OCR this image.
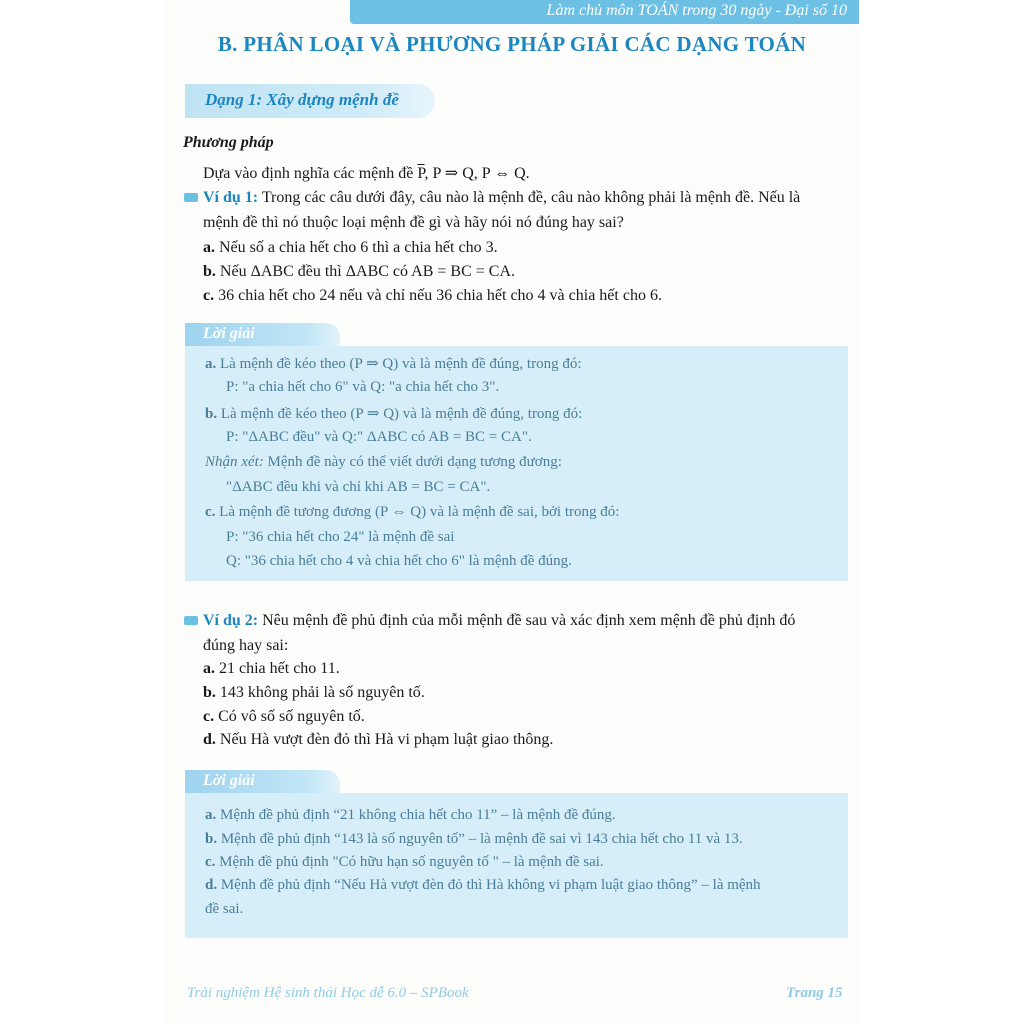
Làm chủ môn TOÁN trong 30 ngày - Đại số 10
B. PHÂN LOẠI VÀ PHƯƠNG PHÁP GIẢI CÁC DẠNG TOÁN
Dạng 1: Xây dựng mệnh đề
Phương pháp
Dựa vào định nghĩa các mệnh đề $\overline{P}$, P ⇒ Q, P ⇔ Q.
Ví dụ 1: Trong các câu dưới đây, câu nào là mệnh đề, câu nào không phải là mệnh đề. Nếu là
mệnh đề thì nó thuộc loại mệnh đề gì và hãy nói nó đúng hay sai?
a. Nếu số a chia hết cho 6 thì a chia hết cho 3.
b. Nếu ΔABC đều thì ΔABC có AB = BC = CA.
c. 36 chia hết cho 24 nếu và chỉ nếu 36 chia hết cho 4 và chia hết cho 6.
Lời giải
a. Là mệnh đề kéo theo (P ⇒ Q) và là mệnh đề đúng, trong đó:
P: "a chia hết cho 6" và Q: "a chia hết cho 3".
b. Là mệnh đề kéo theo (P ⇒ Q) và là mệnh đề đúng, trong đó:
P: "ΔABC đều" và Q:" ΔABC có AB = BC = CA".
Nhận xét: Mệnh đề này có thể viết dưới dạng tương đương:
"ΔABC đều khi và chỉ khi AB = BC = CA".
c. Là mệnh đề tương đương (P ⇔ Q) và là mệnh đề sai, bởi trong đó:
P: "36 chia hết cho 24" là mệnh đề sai
Q: "36 chia hết cho 4 và chia hết cho 6" là mệnh đề đúng.
Ví dụ 2: Nêu mệnh đề phủ định của mỗi mệnh đề sau và xác định xem mệnh đề phủ định đó
đúng hay sai:
a. 21 chia hết cho 11.
b. 143 không phải là số nguyên tố.
c. Có vô số số nguyên tố.
d. Nếu Hà vượt đèn đỏ thì Hà vi phạm luật giao thông.
Lời giải
a. Mệnh đề phủ định “21 không chia hết cho 11” – là mệnh đề đúng.
b. Mệnh đề phủ định “143 là số nguyên tố” – là mệnh đề sai vì 143 chia hết cho 11 và 13.
c. Mệnh đề phủ định "Có hữu hạn số nguyên tố " – là mệnh đề sai.
d. Mệnh đề phủ định “Nếu Hà vượt đèn đỏ thì Hà không vi phạm luật giao thông” – là mệnh
đề sai.
Trải nghiệm Hệ sinh thái Học dễ 6.0 – SPBook	Trang 15
